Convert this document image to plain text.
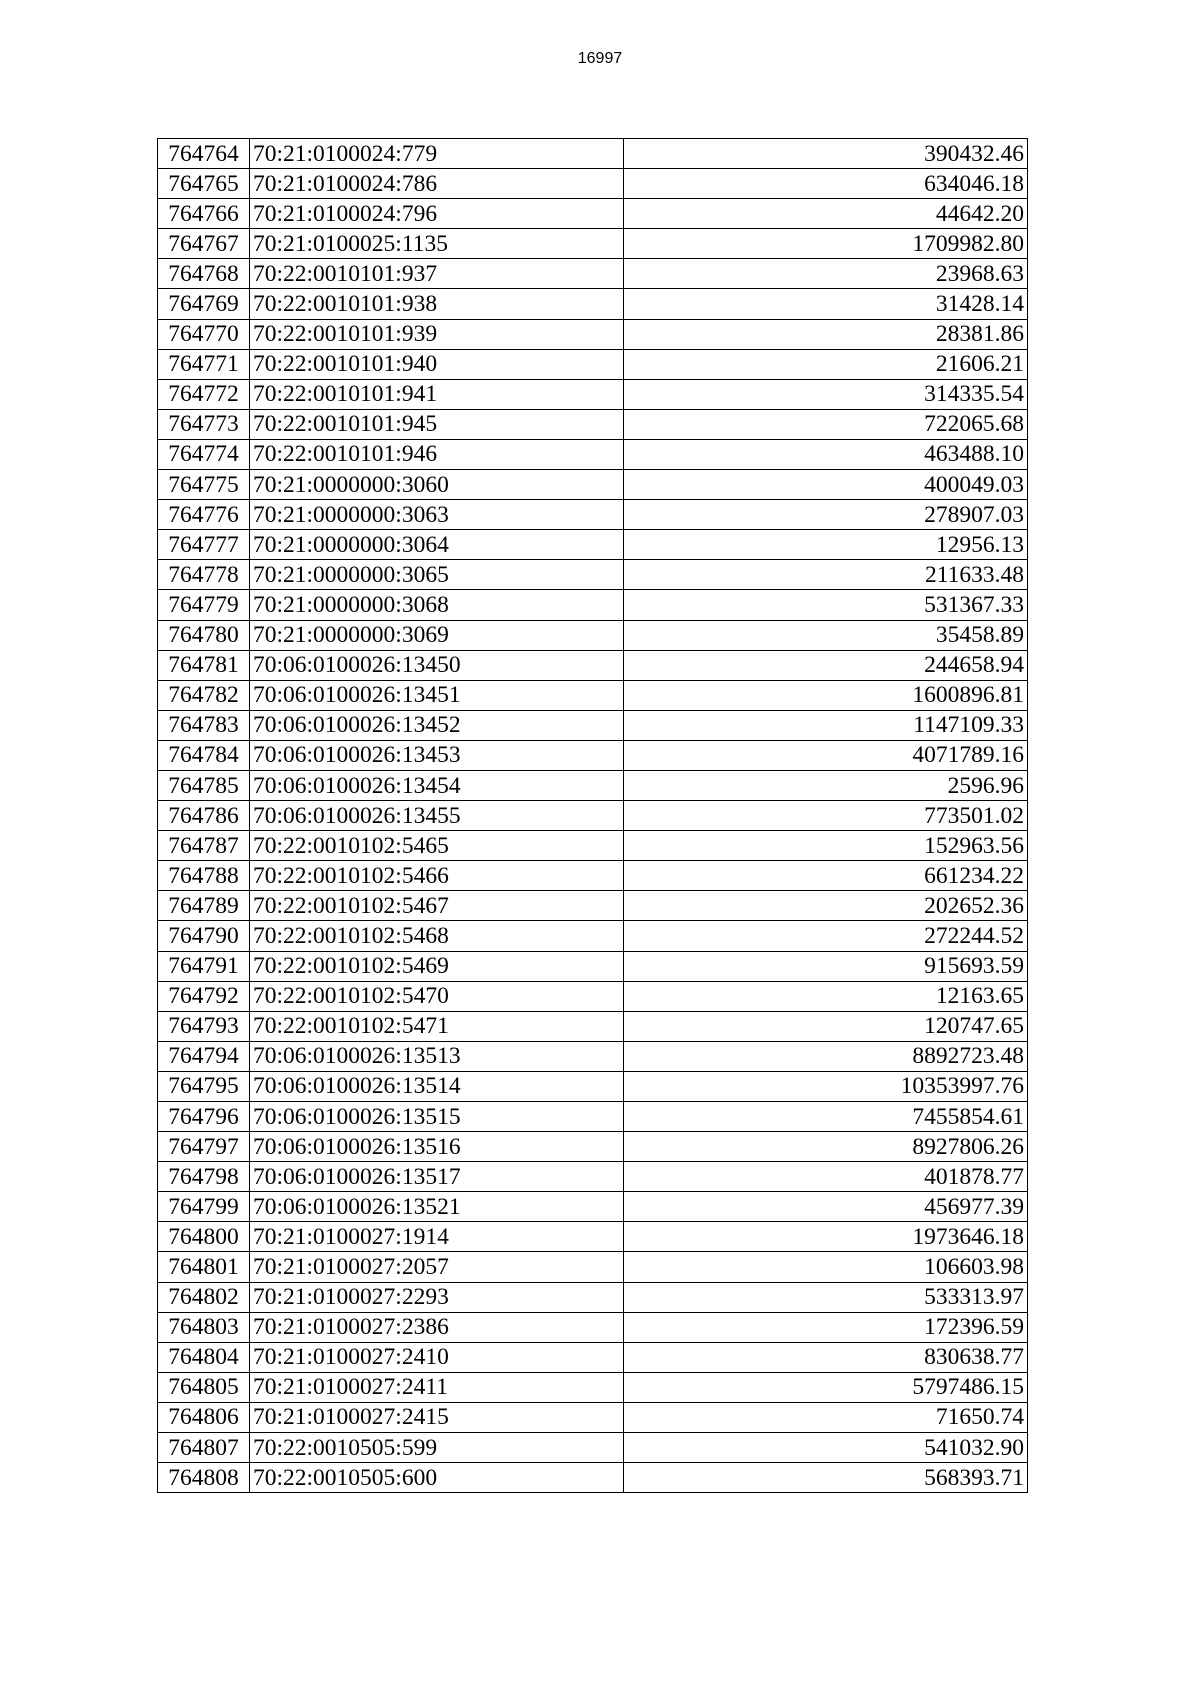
16997
764764	70:21:0100024:779	390432.46
764765	70:21:0100024:786	634046.18
764766	70:21:0100024:796	44642.20
764767	70:21:0100025:1135	1709982.80
764768	70:22:0010101:937	23968.63
764769	70:22:0010101:938	31428.14
764770	70:22:0010101:939	28381.86
764771	70:22:0010101:940	21606.21
764772	70:22:0010101:941	314335.54
764773	70:22:0010101:945	722065.68
764774	70:22:0010101:946	463488.10
764775	70:21:0000000:3060	400049.03
764776	70:21:0000000:3063	278907.03
764777	70:21:0000000:3064	12956.13
764778	70:21:0000000:3065	211633.48
764779	70:21:0000000:3068	531367.33
764780	70:21:0000000:3069	35458.89
764781	70:06:0100026:13450	244658.94
764782	70:06:0100026:13451	1600896.81
764783	70:06:0100026:13452	1147109.33
764784	70:06:0100026:13453	4071789.16
764785	70:06:0100026:13454	2596.96
764786	70:06:0100026:13455	773501.02
764787	70:22:0010102:5465	152963.56
764788	70:22:0010102:5466	661234.22
764789	70:22:0010102:5467	202652.36
764790	70:22:0010102:5468	272244.52
764791	70:22:0010102:5469	915693.59
764792	70:22:0010102:5470	12163.65
764793	70:22:0010102:5471	120747.65
764794	70:06:0100026:13513	8892723.48
764795	70:06:0100026:13514	10353997.76
764796	70:06:0100026:13515	7455854.61
764797	70:06:0100026:13516	8927806.26
764798	70:06:0100026:13517	401878.77
764799	70:06:0100026:13521	456977.39
764800	70:21:0100027:1914	1973646.18
764801	70:21:0100027:2057	106603.98
764802	70:21:0100027:2293	533313.97
764803	70:21:0100027:2386	172396.59
764804	70:21:0100027:2410	830638.77
764805	70:21:0100027:2411	5797486.15
764806	70:21:0100027:2415	71650.74
764807	70:22:0010505:599	541032.90
764808	70:22:0010505:600	568393.71
